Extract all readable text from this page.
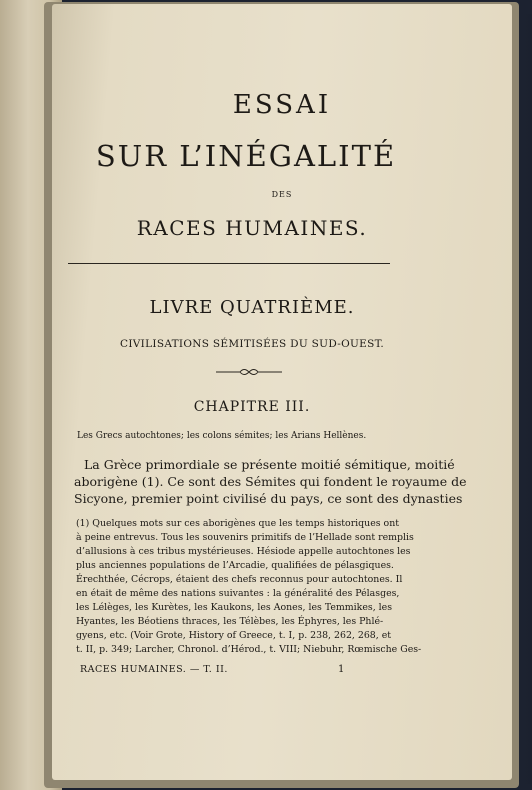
ESSAI
SUR L’INÉGALITÉ
DES
RACES HUMAINES.
LIVRE QUATRIÈME.
CIVILISATIONS SÉMITISÉES DU SUD-OUEST.
CHAPITRE III.
Les Grecs autochtones; les colons sémites; les Arians Hellènes.
La Grèce primordiale se présente moitié sémitique, moitié
aborigène (1). Ce sont des Sémites qui fondent le royaume de
Sicyone, premier point civilisé du pays, ce sont des dynasties
(1) Quelques mots sur ces aborigènes que les temps historiques ont
à peine entrevus. Tous les souvenirs primitifs de l’Hellade sont remplis
d’allusions à ces tribus mystérieuses. Hésiode appelle autochtones les
plus anciennes populations de l’Arcadie, qualifiées de pélasgiques.
Érechthée, Cécrops, étaient des chefs reconnus pour autochtones. Il
en était de même des nations suivantes : la généralité des Pélasges,
les Lélèges, les Kurètes, les Kaukons, les Aones, les Temmikes, les
Hyantes, les Béotiens thraces, les Télèbes, les Éphyres, les Phlé-
gyens, etc. (Voir Grote, History of Greece, t. I, p. 238, 262, 268, et
t. II, p. 349; Larcher, Chronol. d’Hérod., t. VIII; Niebuhr, Rœmische Ges-
RACES HUMAINES. — T. II.	1
